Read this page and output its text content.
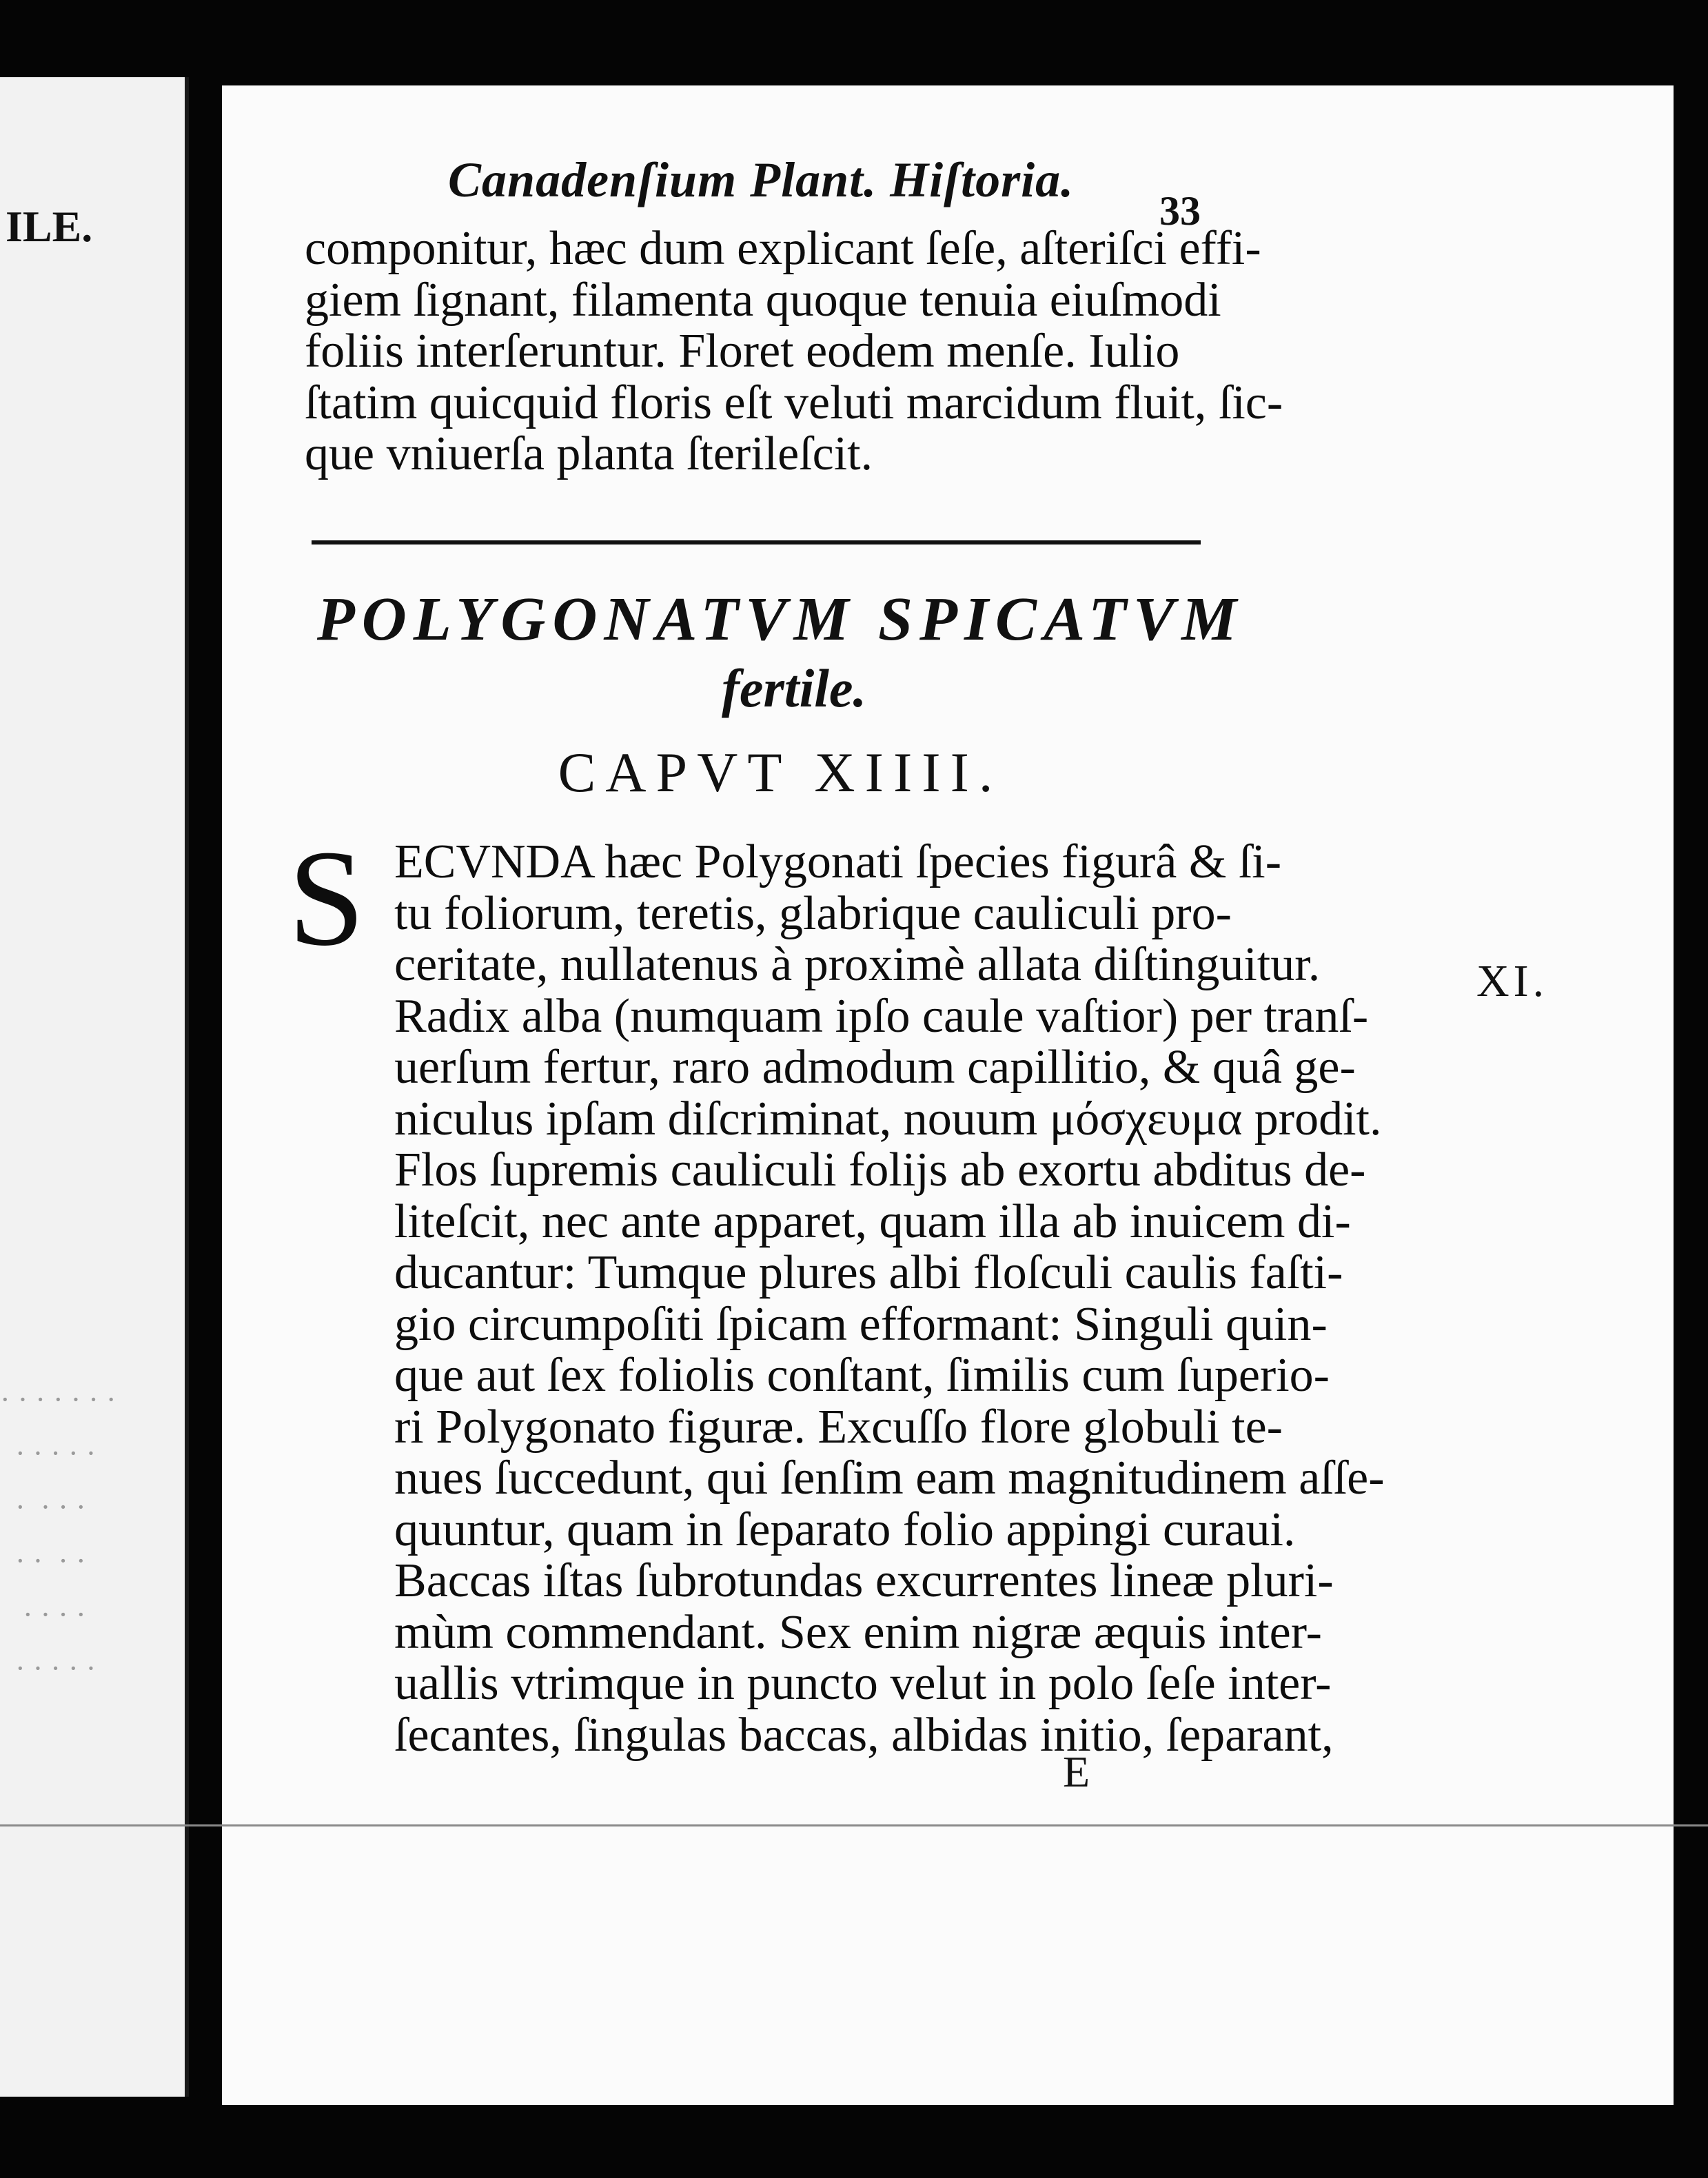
ILE.
· · · · · · ·
· · · · ·
·  · · ·
· ·  · ·
· · · ·
· · · · ·
Canadenſium Plant. Hiſtoria.
33
componitur, hæc dum explicant ſeſe, aſteriſci effi-
giem ſignant, filamenta quoque tenuia eiuſmodi
foliis interſeruntur. Floret eodem menſe. Iulio
ſtatim quicquid floris eſt veluti marcidum fluit, ſic-
que vniuerſa planta ſterileſcit.
POLYGONATVM SPICATVM
fertile.
CAPVT XIIII.
S ECVNDA hæc Polygonati ſpecies figurâ & ſi-
tu foliorum, teretis, glabrique cauliculi pro-
ceritate, nullatenus à proximè allata diſtinguitur.
Radix alba (numquam ipſo caule vaſtior) per tranſ-
uerſum fertur, raro admodum capillitio, & quâ ge-
niculus ipſam diſcriminat, nouum μόσχευμα prodit.
Flos ſupremis cauliculi folijs ab exortu abditus de-
liteſcit, nec ante apparet, quam illa ab inuicem di-
ducantur: Tumque plures albi floſculi caulis faſti-
gio circumpoſiti ſpicam efformant: Singuli quin-
que aut ſex foliolis conſtant, ſimilis cum ſuperio-
ri Polygonato figuræ. Excuſſo flore globuli te-
nues ſuccedunt, qui ſenſim eam magnitudinem aſſe-
quuntur, quam in ſeparato folio appingi curaui.
Baccas iſtas ſubrotundas excurrentes lineæ pluri-
mùm commendant. Sex enim nigræ æquis inter-
uallis vtrimque in puncto velut in polo ſeſe inter-
ſecantes, ſingulas baccas, albidas initio, ſeparant,
XI.
E
